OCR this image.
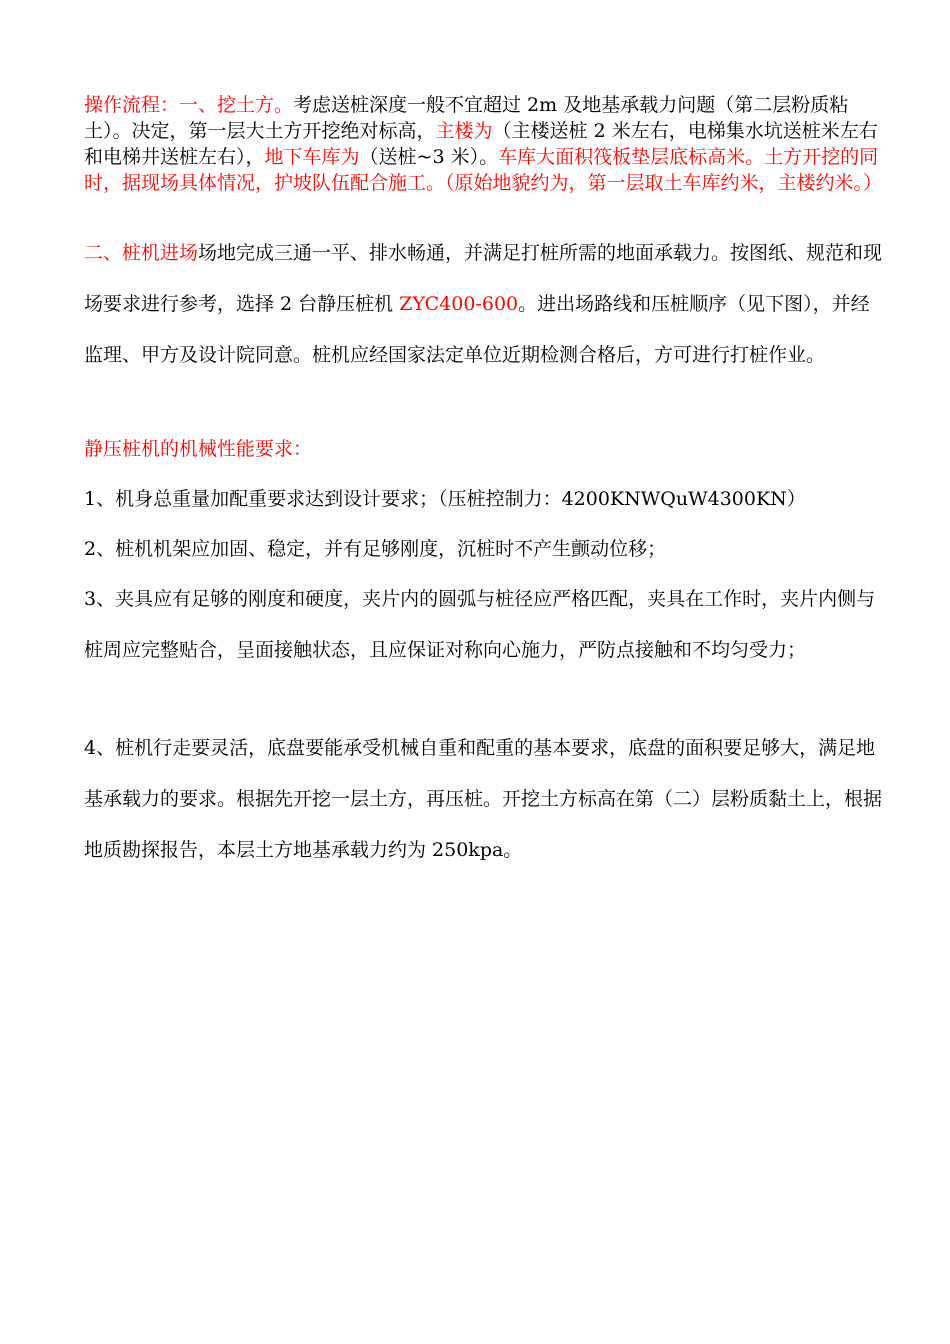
操作流程：一、挖土方。考虑送桩深度一般不宜超过 2m 及地基承载力问题（第二层粉质粘土）。决定，第一层大土方开挖绝对标高，主楼为（主楼送桩 2 米左右，电梯集水坑送桩米左右和电梯井送桩左右），地下车库为（送桩~3 米）。车库大面积筏板垫层底标高米。土方开挖的同时，据现场具体情况，护坡队伍配合施工。（原始地貌约为，第一层取土车库约米，主楼约米。）

二、桩机进场场地完成三通一平、排水畅通，并满足打桩所需的地面承载力。按图纸、规范和现场要求进行参考，选择 2 台静压桩机 ZYC400-600。进出场路线和压桩顺序（见下图），并经监理、甲方及设计院同意。桩机应经国家法定单位近期检测合格后，方可进行打桩作业。

静压桩机的机械性能要求：

1、机身总重量加配重要求达到设计要求；（压桩控制力：4200KNWQuW4300KN）

2、桩机机架应加固、稳定，并有足够刚度，沉桩时不产生颤动位移；

3、夹具应有足够的刚度和硬度，夹片内的圆弧与桩径应严格匹配，夹具在工作时，夹片内侧与桩周应完整贴合，呈面接触状态，且应保证对称向心施力，严防点接触和不均匀受力；

4、桩机行走要灵活，底盘要能承受机械自重和配重的基本要求，底盘的面积要足够大，满足地基承载力的要求。根据先开挖一层土方，再压桩。开挖土方标高在第（二）层粉质黏土上，根据地质勘探报告，本层土方地基承载力约为 250kpa。
